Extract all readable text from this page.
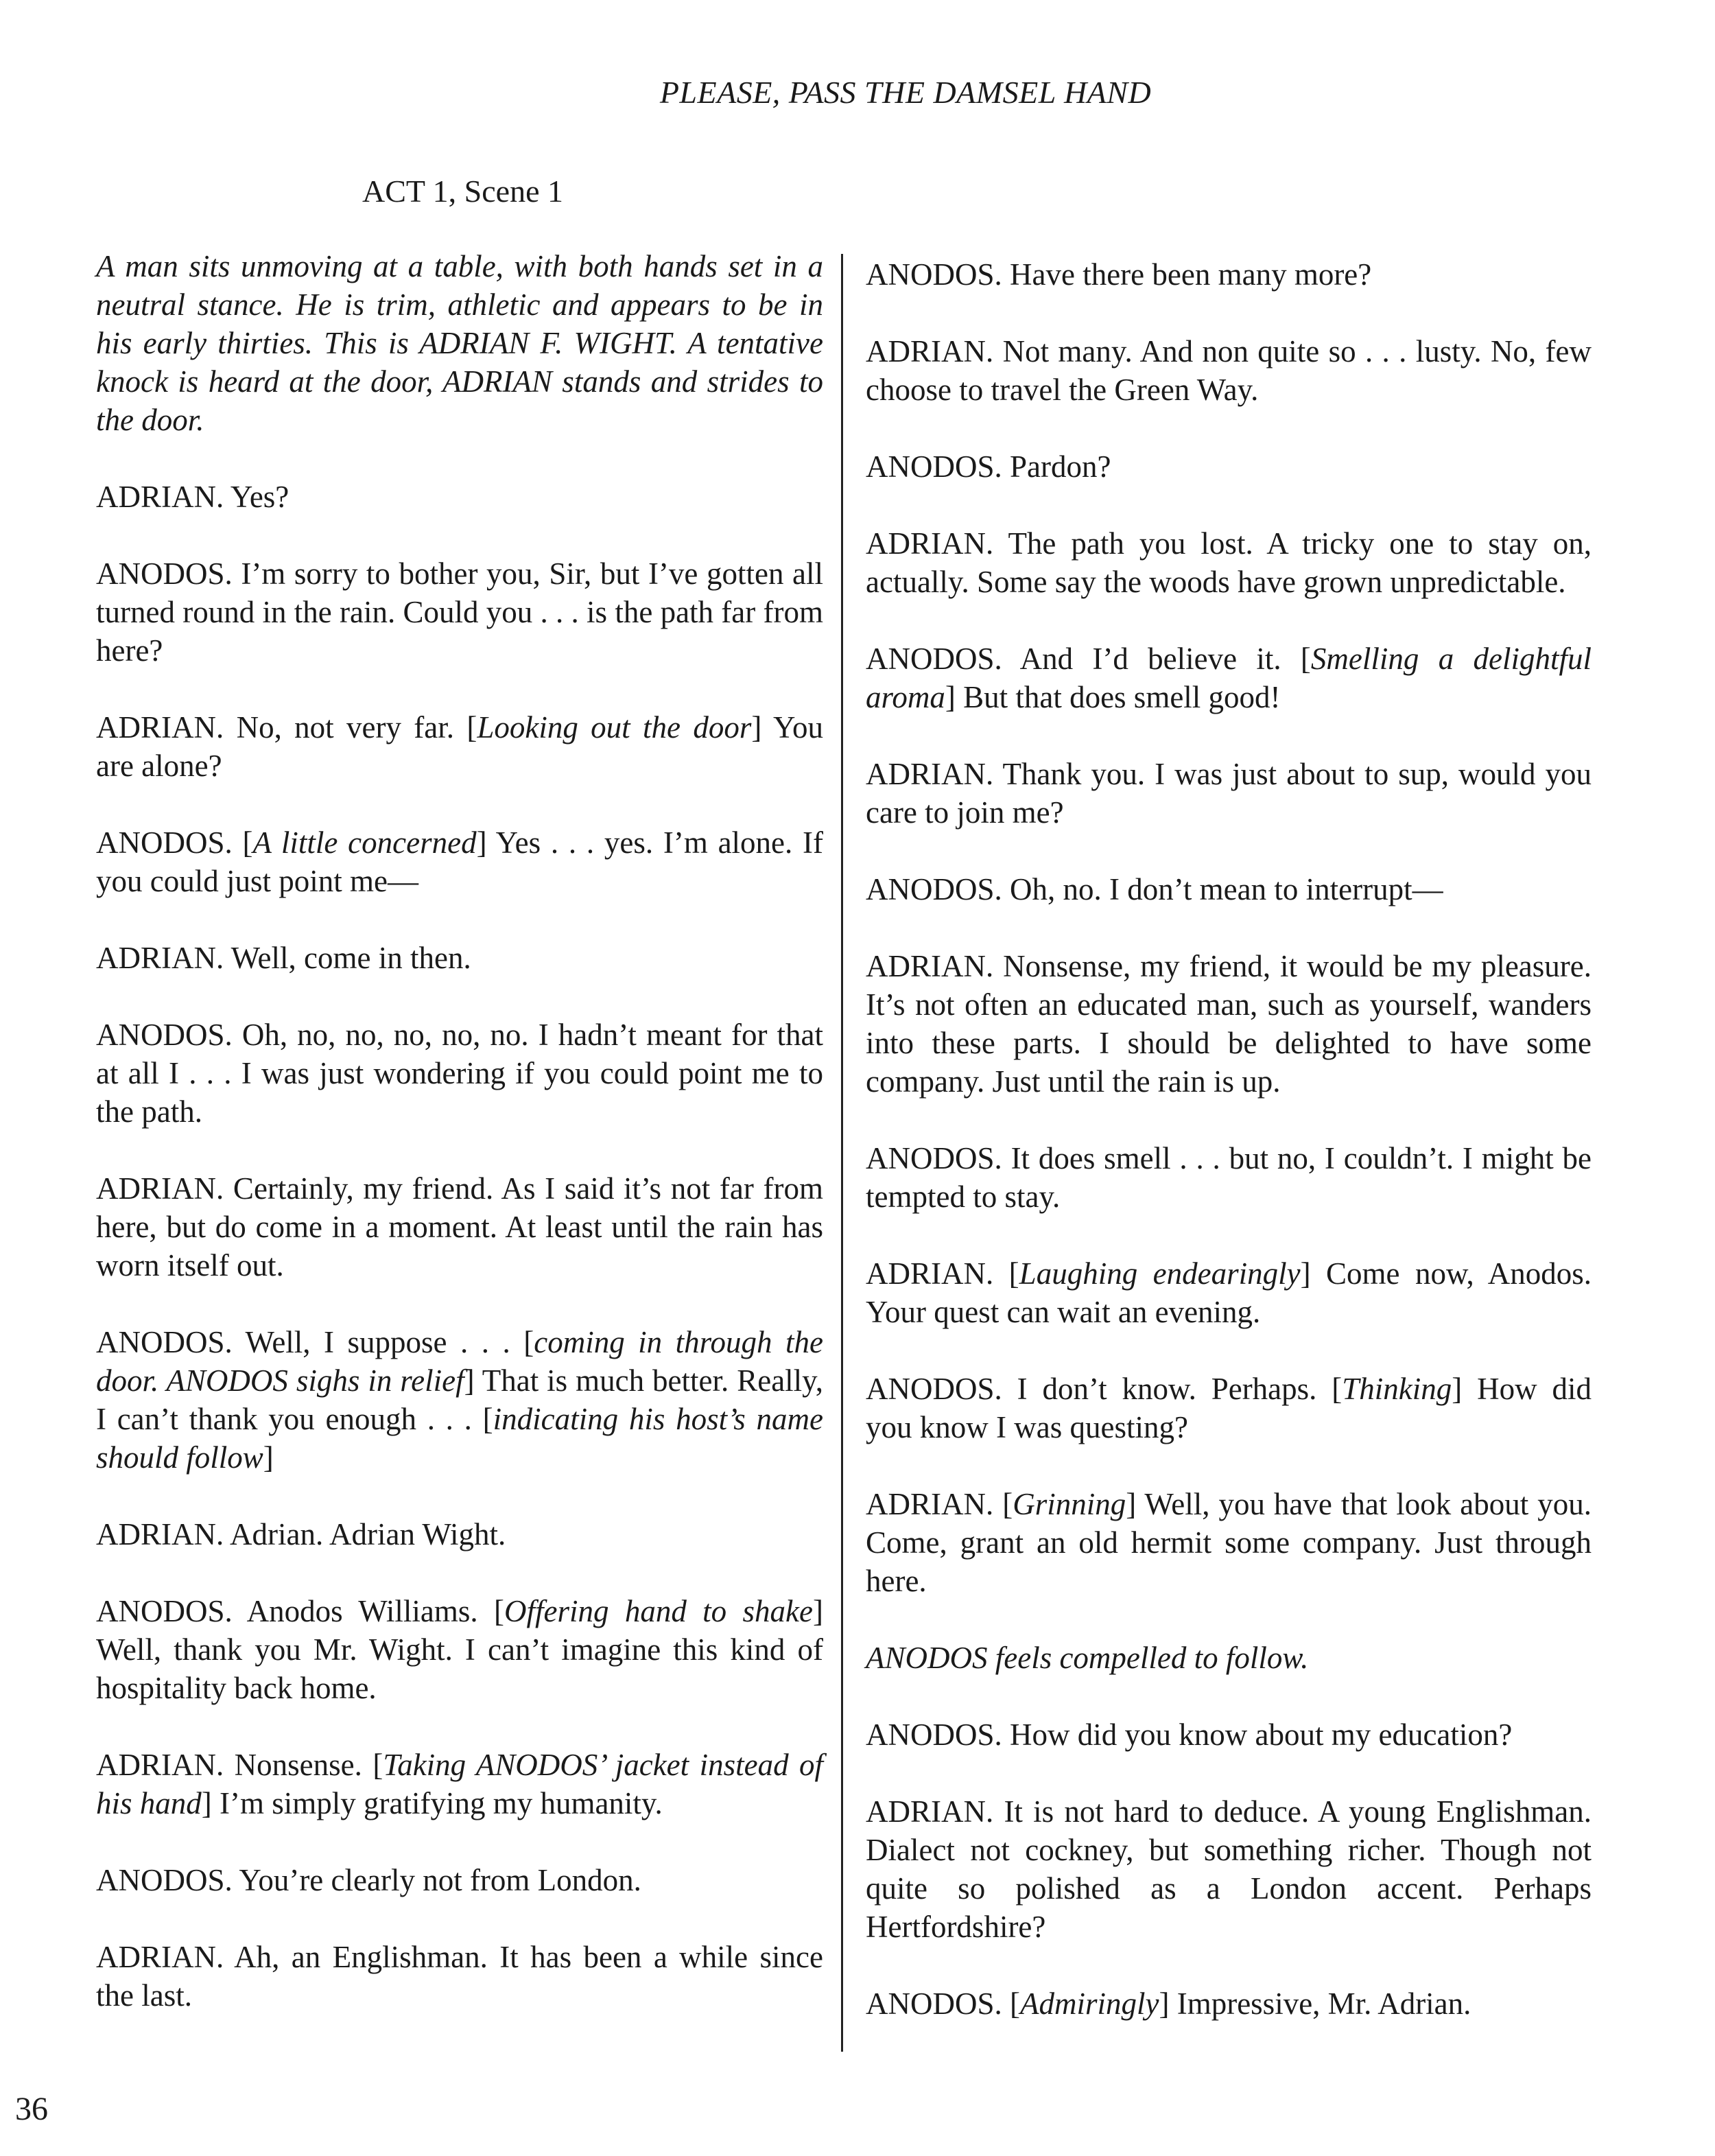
PLEASE, PASS THE DAMSEL HAND
ACT 1, Scene 1

A man sits unmoving at a table, with both hands set in a neutral stance. He is trim, athletic and appears to be in his early thirties. This is ADRIAN F. WIGHT. A tentative knock is heard at the door, ADRIAN stands and strides to the door.

ADRIAN. Yes?

ANODOS. I’m sorry to bother you, Sir, but I’ve gotten all turned round in the rain. Could you . . . is the path far from here?

ADRIAN. No, not very far. [Looking out the door] You are alone?

ANODOS. [A little concerned] Yes . . . yes. I’m alone. If you could just point me—

ADRIAN. Well, come in then.

ANODOS. Oh, no, no, no, no, no. I hadn’t meant for that at all I . . . I was just wondering if you could point me to the path.

ADRIAN. Certainly, my friend. As I said it’s not far from here, but do come in a moment. At least until the rain has worn itself out.

ANODOS. Well, I suppose . . . [coming in through the door. ANODOS sighs in relief] That is much better. Really, I can’t thank you enough . . . [indicating his host’s name should follow]

ADRIAN. Adrian. Adrian Wight.

ANODOS. Anodos Williams. [Offering hand to shake] Well, thank you Mr. Wight. I can’t imagine this kind of hospitality back home.

ADRIAN. Nonsense. [Taking ANODOS’ jacket instead of his hand] I’m simply gratifying my humanity.

ANODOS. You’re clearly not from London.

ADRIAN. Ah, an Englishman. It has been a while since the last.

ANODOS. Have there been many more?

ADRIAN. Not many. And non quite so . . . lusty. No, few choose to travel the Green Way.

ANODOS. Pardon?

ADRIAN. The path you lost. A tricky one to stay on, actually. Some say the woods have grown unpredictable.

ANODOS. And I’d believe it. [Smelling a delightful aroma] But that does smell good!

ADRIAN. Thank you. I was just about to sup, would you care to join me?

ANODOS. Oh, no. I don’t mean to interrupt—

ADRIAN. Nonsense, my friend, it would be my pleasure. It’s not often an educated man, such as yourself, wanders into these parts. I should be delighted to have some company. Just until the rain is up.

ANODOS. It does smell . . . but no, I couldn’t. I might be tempted to stay.

ADRIAN. [Laughing endearingly] Come now, Anodos. Your quest can wait an evening.

ANODOS. I don’t know. Perhaps. [Thinking] How did you know I was questing?

ADRIAN. [Grinning] Well, you have that look about you. Come, grant an old hermit some company. Just through here.

ANODOS feels compelled to follow.

ANODOS. How did you know about my education?

ADRIAN. It is not hard to deduce. A young Englishman. Dialect not cockney, but something richer. Though not quite so polished as a London accent. Perhaps Hertfordshire?

ANODOS. [Admiringly] Impressive, Mr. Adrian.

36
